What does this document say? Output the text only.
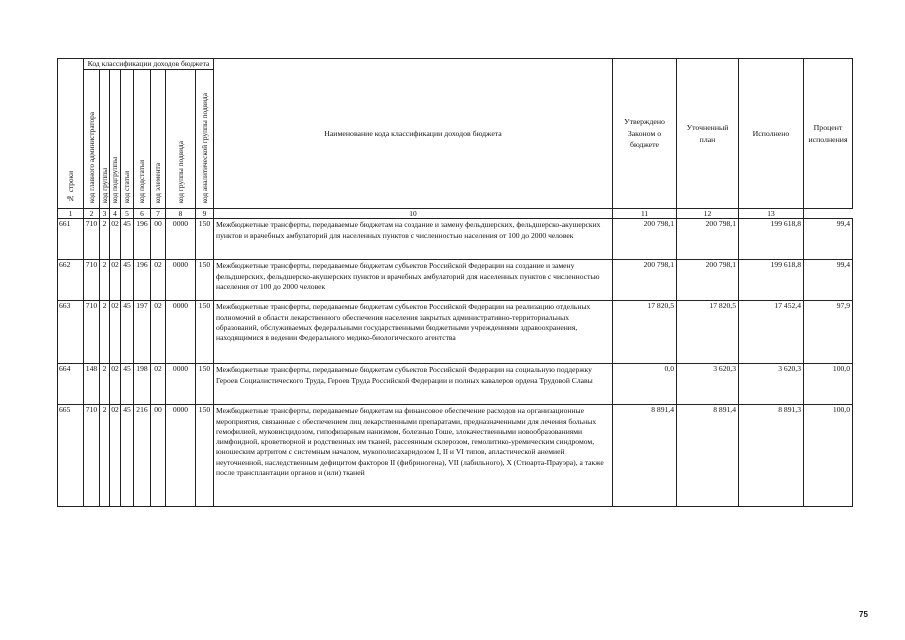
№ строки	Код классификации доходов бюджета								Наименование кода классификации доходов бюджета	Утверждено Законом о бюджете	Уточненный план	Исполнено	Процент исполнения
	код главного администратора	код группы	код подгруппы	код статьи	код подстатьи	код элемента	код группы подвида	код аналитической группы подвида					
1	2	3	4	5	6	7	8	9	10	11	12	13	
661	710	2	02	45	196	00	0000	150	Межбюджетные трансферты, передаваемые бюджетам на создание и замену фельдшерских, фельдшерско-акушерских пунктов и врачебных амбулаторий для населенных пунктов с численностью населения от 100 до 2000 человек	200 798,1	200 798,1	199 618,8	99,4
662	710	2	02	45	196	02	0000	150	Межбюджетные трансферты, передаваемые бюджетам субъектов Российской Федерации на создание и замену фельдшерских, фельдшерско-акушерских пунктов и врачебных амбулаторий для населенных пунктов с численностью населения от 100 до 2000 человек	200 798,1	200 798,1	199 618,8	99,4
663	710	2	02	45	197	02	0000	150	Межбюджетные трансферты, передаваемые бюджетам субъектов Российской Федерации на реализацию отдельных полномочий в области лекарственного обеспечения населения закрытых административно-территориальных образований, обслуживаемых федеральными государственными бюджетными учреждениями здравоохранения, находящимися в ведении Федерального медико-биологического агентства	17 820,5	17 820,5	17 452,4	97,9
664	148	2	02	45	198	02	0000	150	Межбюджетные трансферты, передаваемые бюджетам субъектов Российской Федерации на социальную поддержку Героев Социалистического Труда, Героев Труда Российской Федерации и полных кавалеров ордена Трудовой Славы	0,0	3 620,3	3 620,3	100,0
665	710	2	02	45	216	00	0000	150	Межбюджетные трансферты, передаваемые бюджетам на финансовое обеспечение расходов на организационные мероприятия, связанные с обеспечением лиц лекарственными препаратами, предназначенными для лечения больных гемофилией, муковисцидозом, гипофизарным нанизмом, болезнью Гоше, злокачественными новообразованиями лимфоидной, кроветворной и родственных им тканей, рассеянным склерозом, гемолитико-уремическим синдромом, юношеским артритом с системным началом, мукополисахаридозом I, II и VI типов, апластической анемией неуточненной, наследственным дефицитом факторов II (фибриногена), VII (лабильного), X (Стюарта-Прауэра), а также после трансплантации органов и (или) тканей	8 891,4	8 891,4	8 891,3	100,0
75
